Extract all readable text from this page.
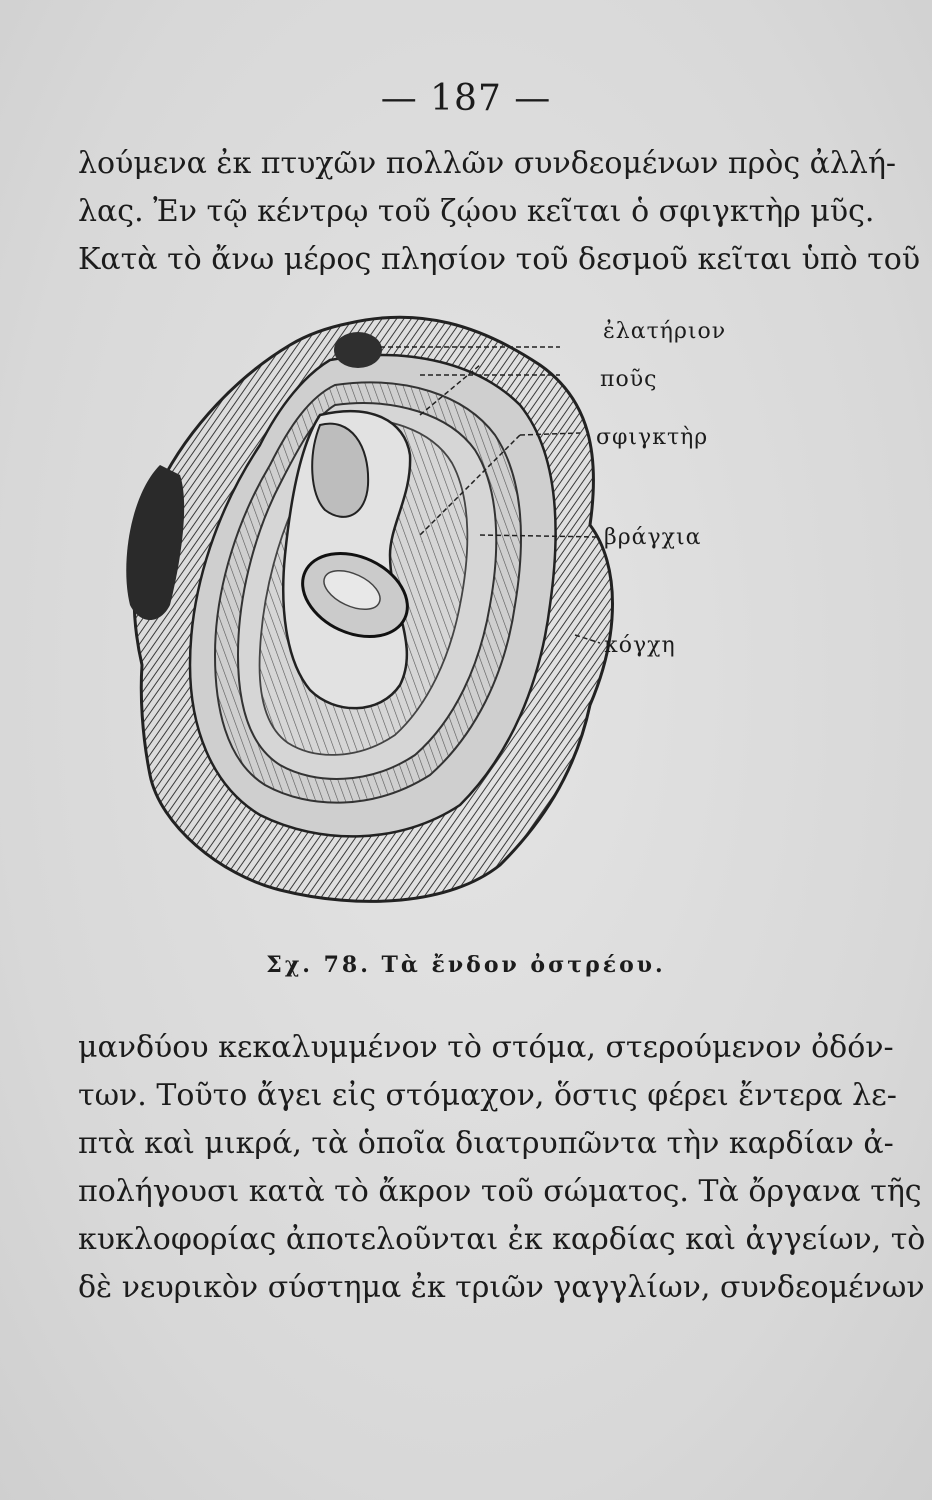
— 187 —
λούμενα ἐκ πτυχῶν πολλῶν συνδεομένων πρὸς ἀλλή-
λας. Ἐν τῷ κέντρῳ τοῦ ζῴου κεῖται ὁ σφιγκτὴρ μῦς.
Κατὰ τὸ ἄνω μέρος πλησίον τοῦ δεσμοῦ κεῖται ὑπὸ τοῦ
ἐλατήριον
ποῦς
σφιγκτὴρ
βράγχια
κόγχη
Σχ. 78. Τὰ ἔνδον ὀστρέου.
μανδύου κεκαλυμμένον τὸ στόμα, στερούμενον ὀδόν-
των. Τοῦτο ἄγει εἰς στόμαχον, ὅστις φέρει ἔντερα λε-
πτὰ καὶ μικρά, τὰ ὁποῖα διατρυπῶντα τὴν καρδίαν ἀ-
πολήγουσι κατὰ τὸ ἄκρον τοῦ σώματος. Τὰ ὄργανα τῆς
κυκλοφορίας ἀποτελοῦνται ἐκ καρδίας καὶ ἀγγείων, τὸ
δὲ νευρικὸν σύστημα ἐκ τριῶν γαγγλίων, συνδεομένων
